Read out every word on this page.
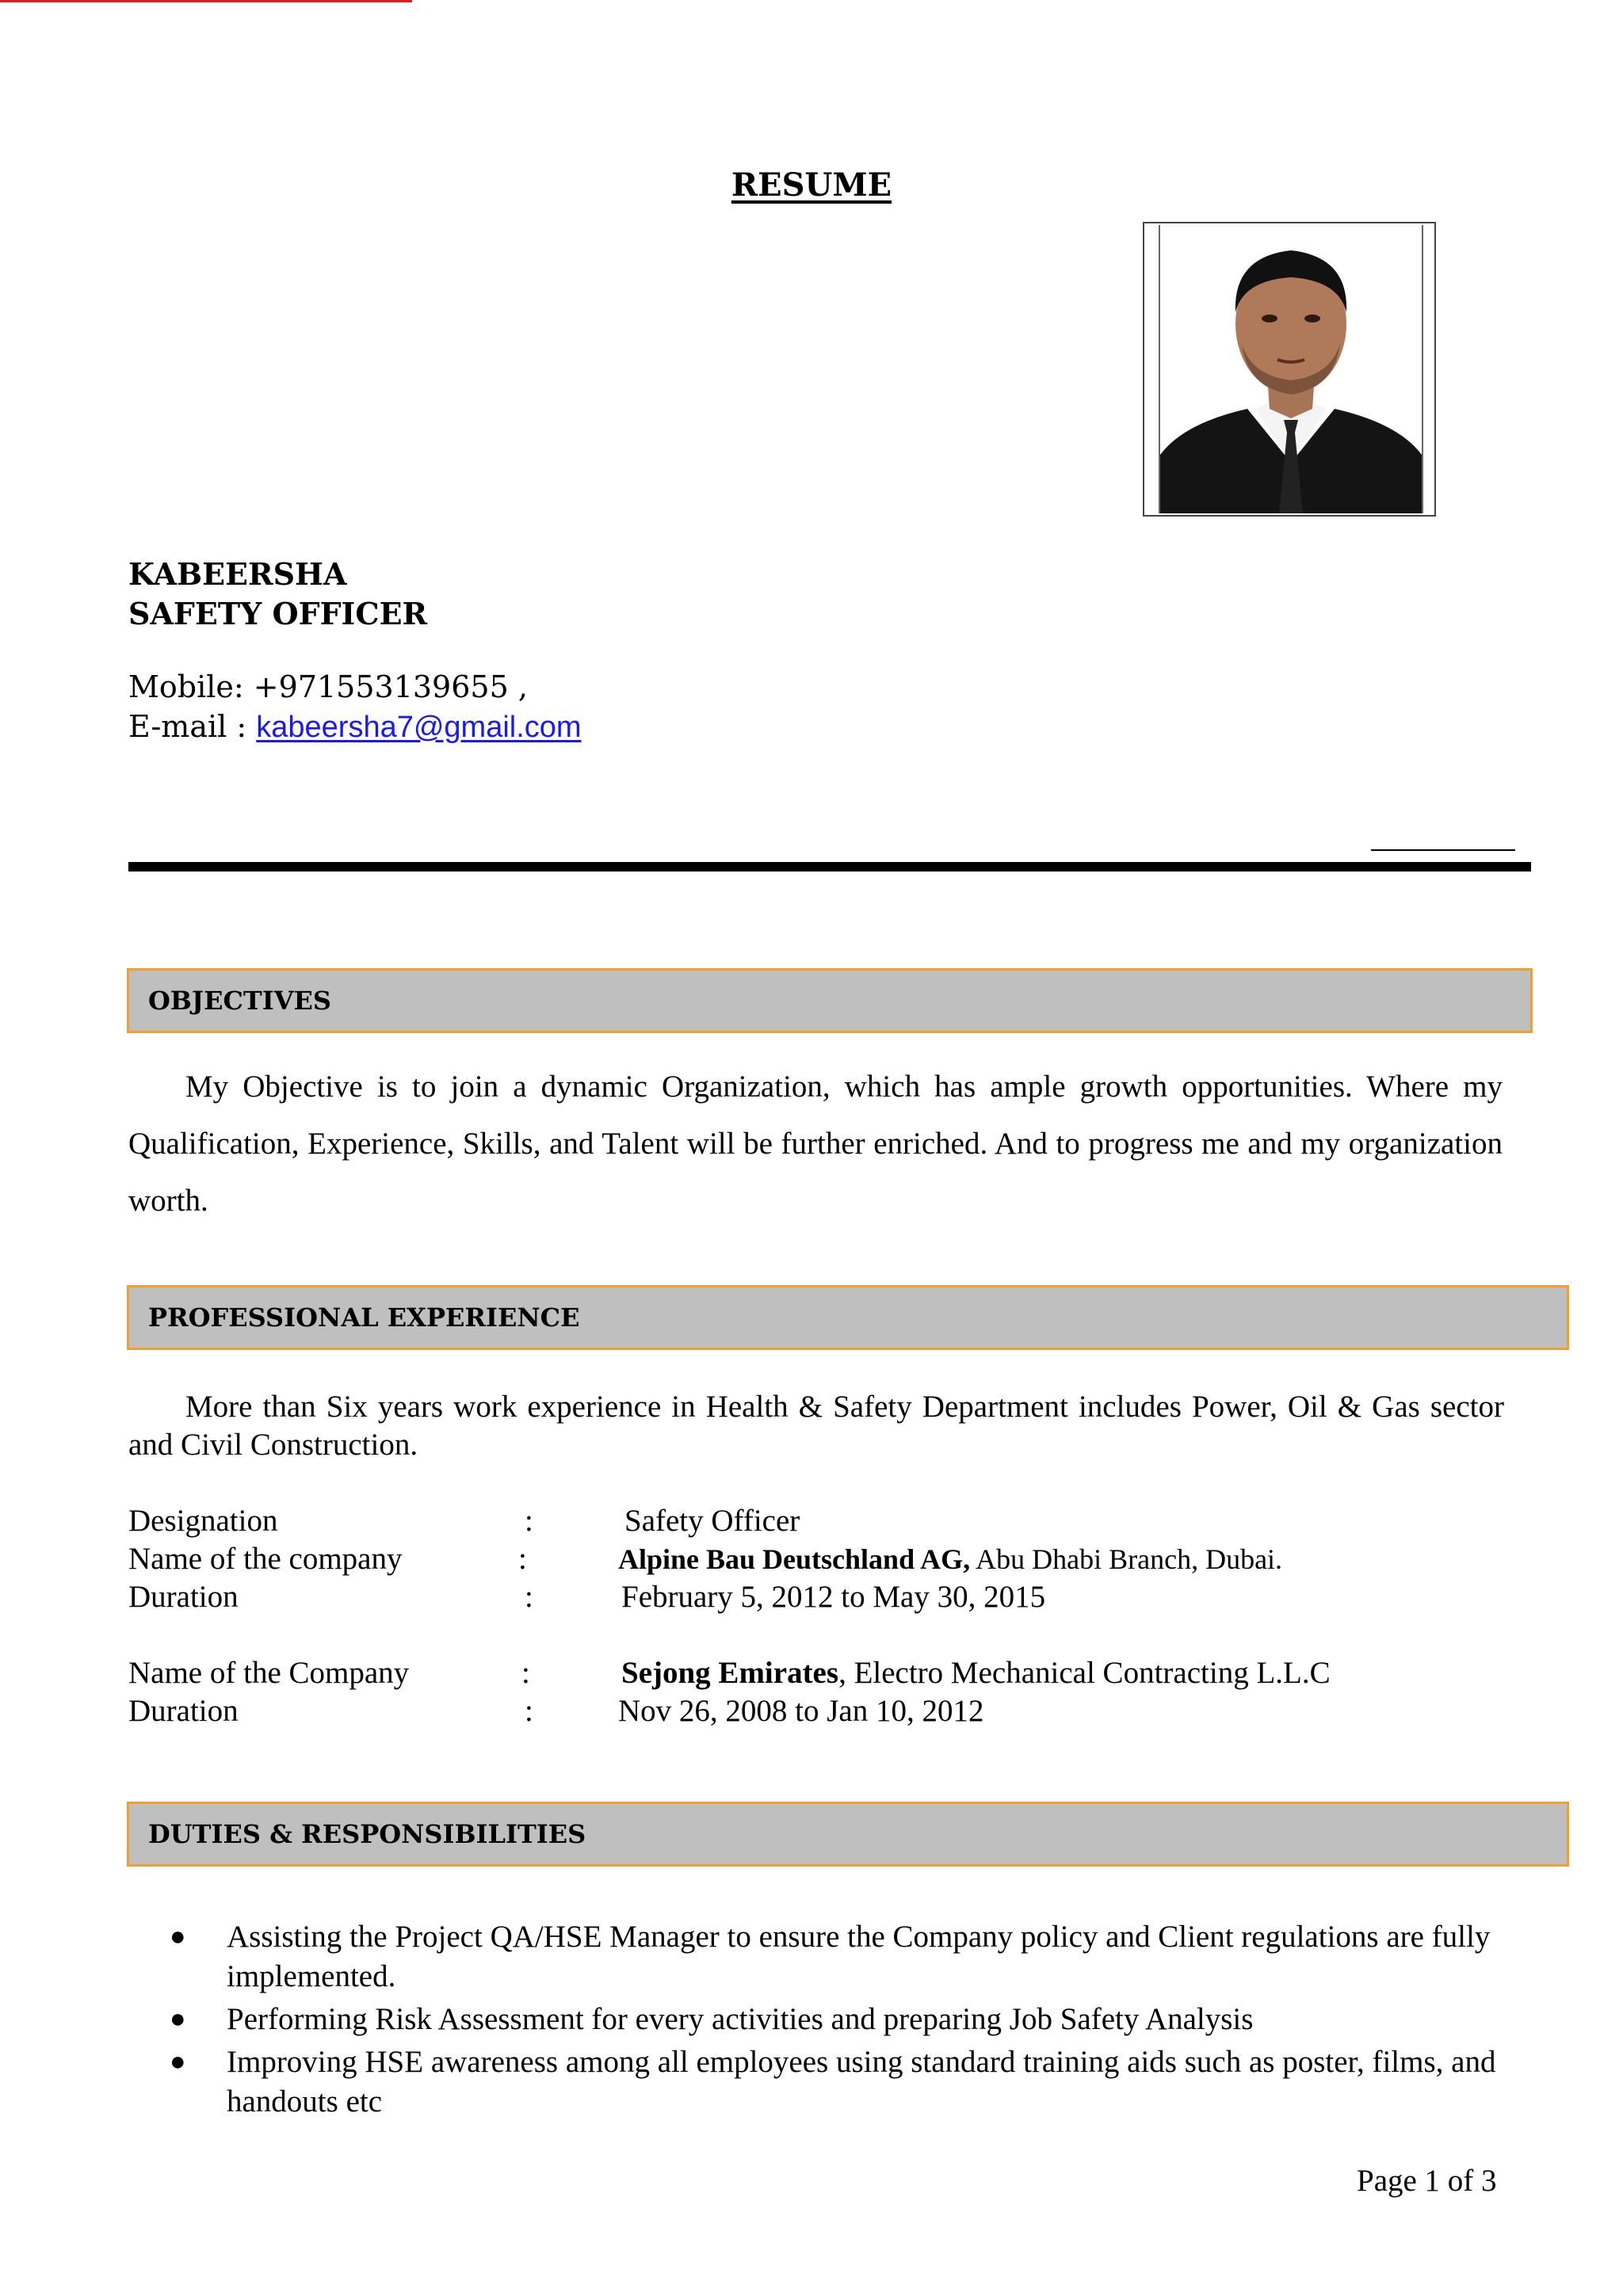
RESUME
KABEERSHA
SAFETY OFFICER
Mobile: +971553139655 ,
E-mail : kabeersha7@gmail.com
OBJECTIVES
My Objective is to join a dynamic Organization, which has ample growth opportunities. Where my Qualification, Experience, Skills, and Talent will be further enriched. And to progress me and my organization worth.
PROFESSIONAL EXPERIENCE
More than Six years work experience in Health & Safety Department includes Power, Oil & Gas sector and Civil Construction.
Designation	:	Safety Officer
Name of the company	:	Alpine Bau Deutschland AG, Abu Dhabi Branch, Dubai.
Duration	:	February 5, 2012 to May 30, 2015
Name of the Company	:	Sejong Emirates, Electro Mechanical Contracting L.L.C
Duration	:	Nov 26, 2008 to Jan 10, 2012
DUTIES & RESPONSIBILITIES
● Assisting the Project QA/HSE Manager to ensure the Company policy and Client regulations are fully implemented.
● Performing Risk Assessment for every activities and preparing Job Safety Analysis
● Improving HSE awareness among all employees using standard training aids such as poster, films, and handouts etc
Page 1 of 3
